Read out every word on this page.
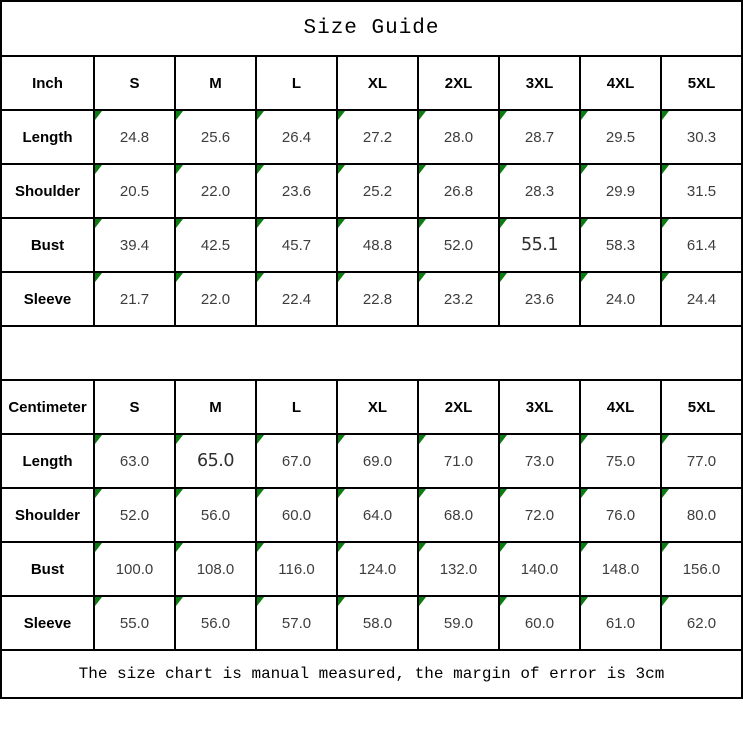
Size Guide								
Inch	S	M	L	XL	2XL	3XL	4XL	5XL
Length	24.8	25.6	26.4	27.2	28.0	28.7	29.5	30.3
Shoulder	20.5	22.0	23.6	25.2	26.8	28.3	29.9	31.5
Bust	39.4	42.5	45.7	48.8	52.0	55.1	58.3	61.4
Sleeve	21.7	22.0	22.4	22.8	23.2	23.6	24.0	24.4

Centimeter	S	M	L	XL	2XL	3XL	4XL	5XL
Length	63.0	65.0	67.0	69.0	71.0	73.0	75.0	77.0
Shoulder	52.0	56.0	60.0	64.0	68.0	72.0	76.0	80.0
Bust	100.0	108.0	116.0	124.0	132.0	140.0	148.0	156.0
Sleeve	55.0	56.0	57.0	58.0	59.0	60.0	61.0	62.0
The size chart is manual measured, the margin of error is 3cm								
